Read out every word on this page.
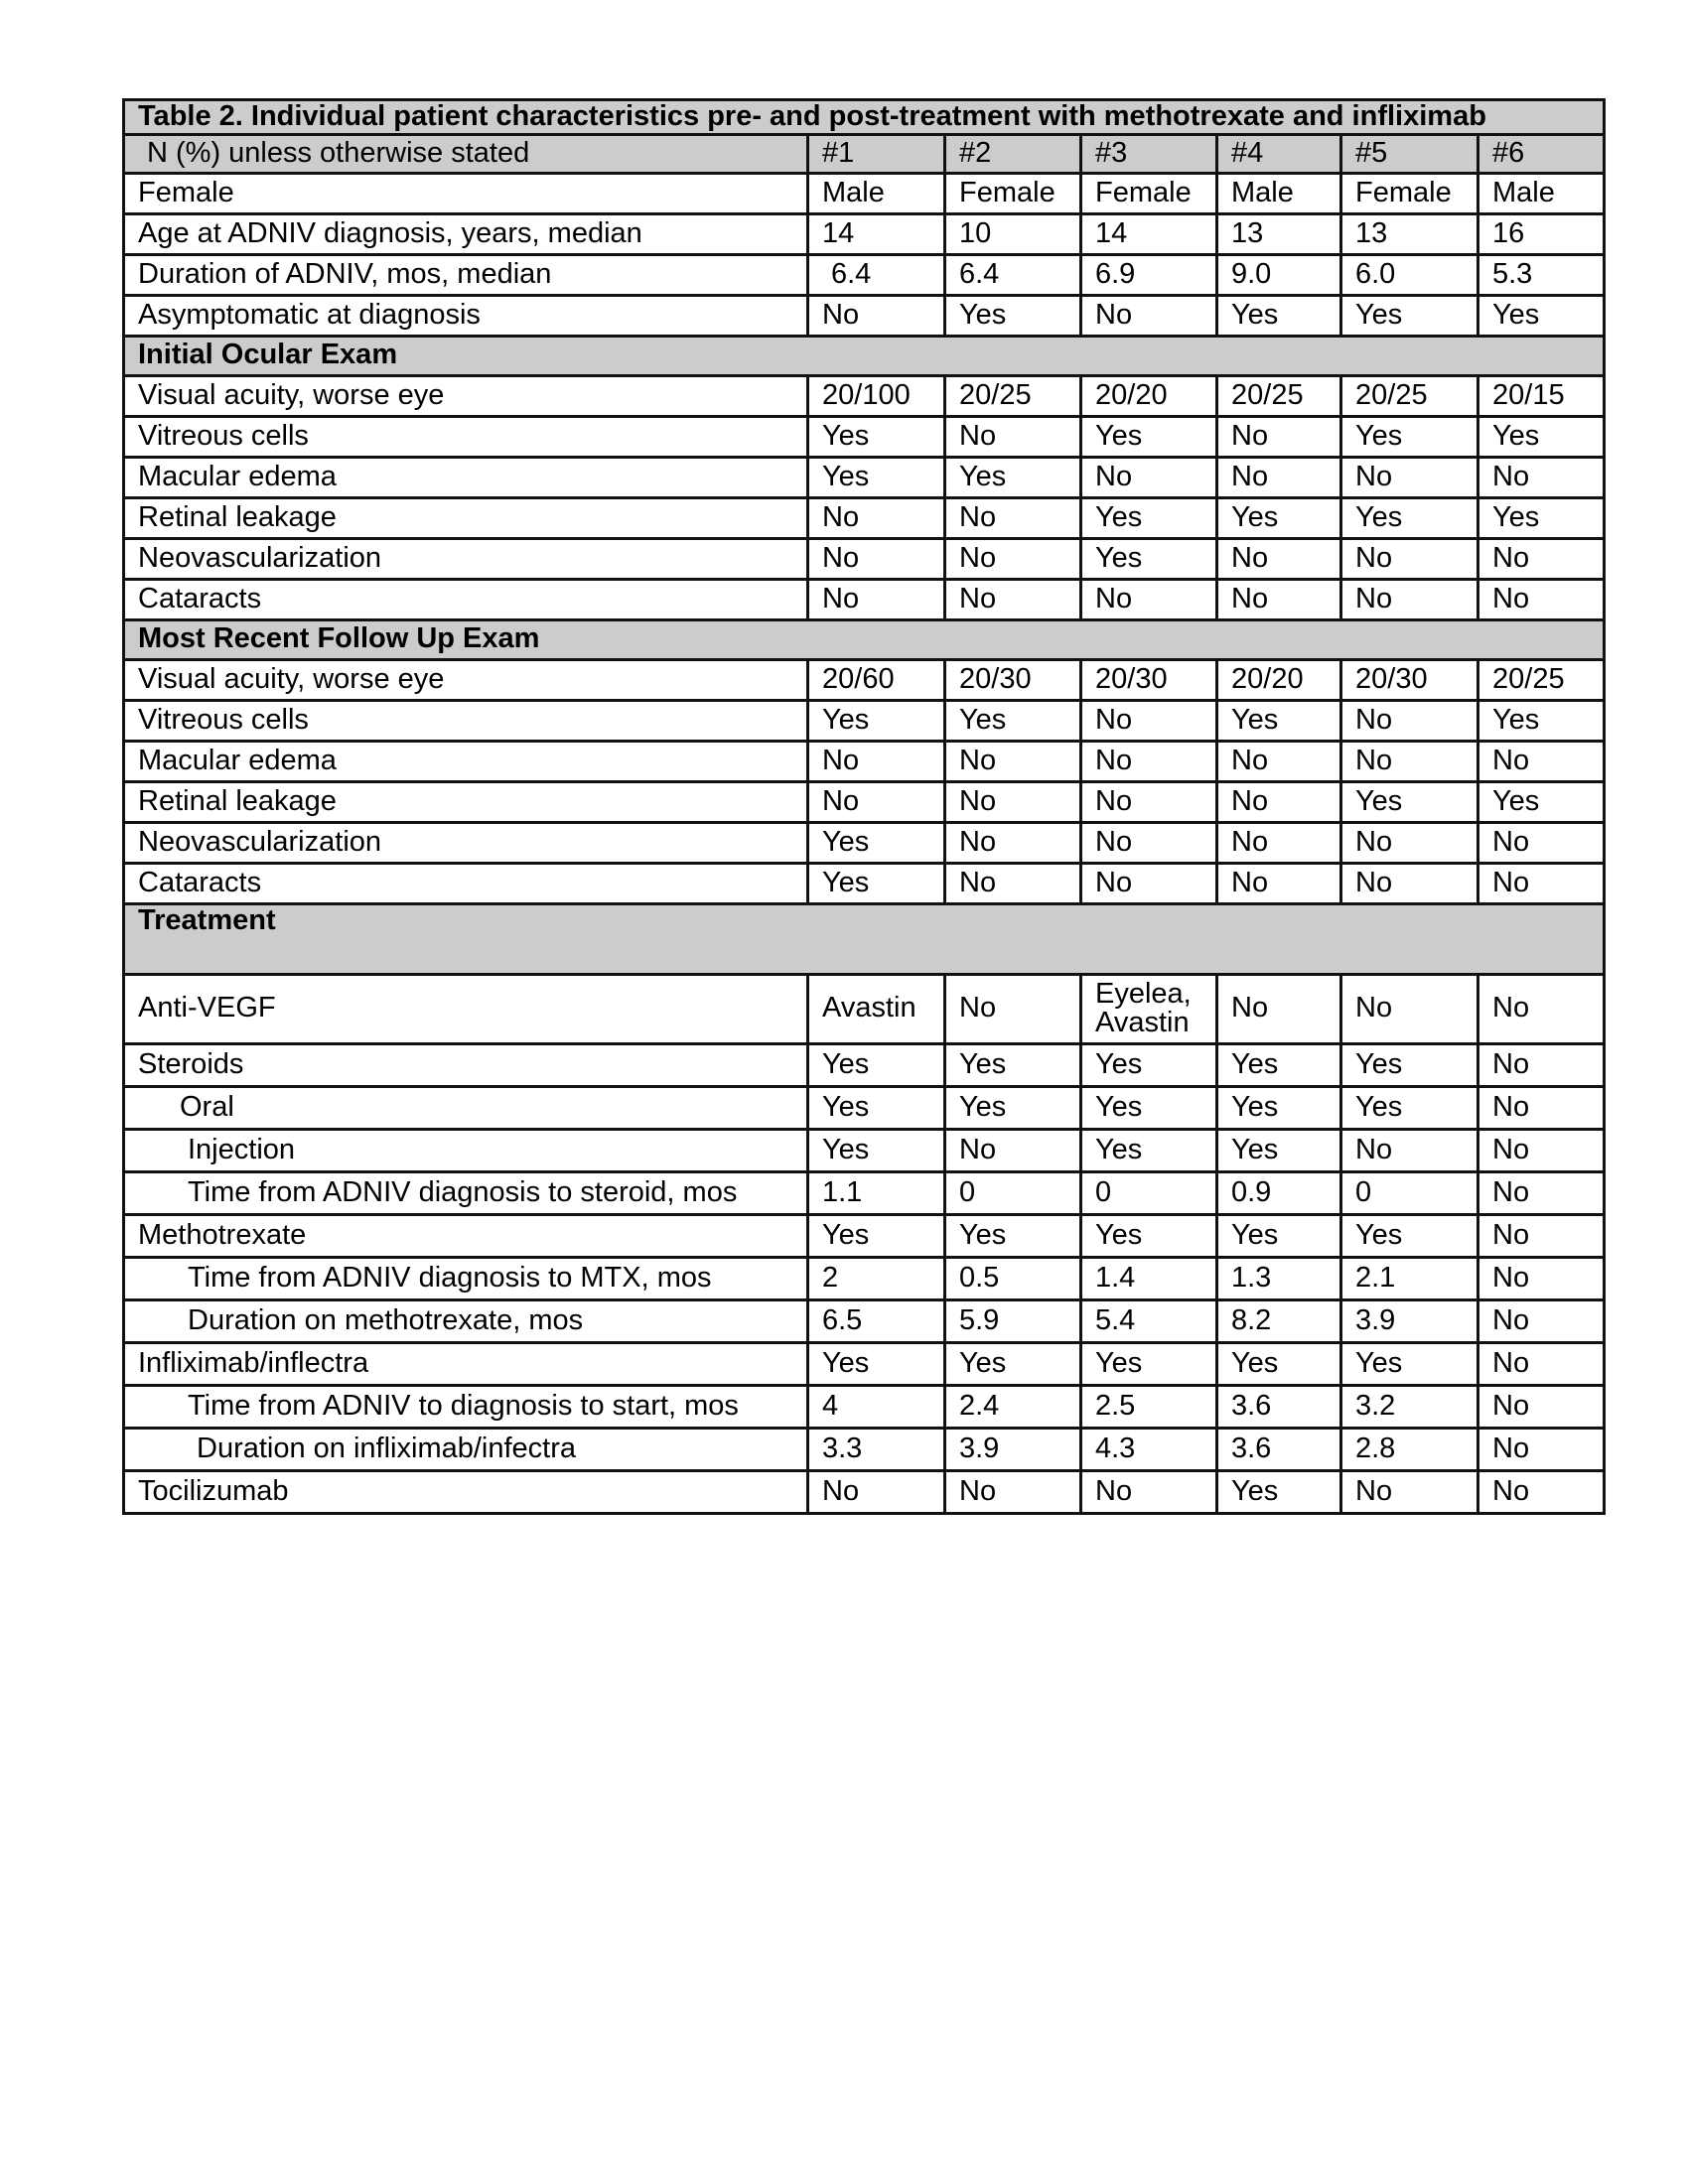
Table 2. Individual patient characteristics pre- and post-treatment with methotrexate and infliximab						
N (%) unless otherwise stated	#1	#2	#3	#4	#5	#6
Female	Male	Female	Female	Male	Female	Male
Age at ADNIV diagnosis, years, median	14	10	14	13	13	16
Duration of ADNIV, mos, median	6.4	6.4	6.9	9.0	6.0	5.3
Asymptomatic at diagnosis	No	Yes	No	Yes	Yes	Yes
Initial Ocular Exam						
Visual acuity, worse eye	20/100	20/25	20/20	20/25	20/25	20/15
Vitreous cells	Yes	No	Yes	No	Yes	Yes
Macular edema	Yes	Yes	No	No	No	No
Retinal leakage	No	No	Yes	Yes	Yes	Yes
Neovascularization	No	No	Yes	No	No	No
Cataracts	No	No	No	No	No	No
Most Recent Follow Up Exam						
Visual acuity, worse eye	20/60	20/30	20/30	20/20	20/30	20/25
Vitreous cells	Yes	Yes	No	Yes	No	Yes
Macular edema	No	No	No	No	No	No
Retinal leakage	No	No	No	No	Yes	Yes
Neovascularization	Yes	No	No	No	No	No
Cataracts	Yes	No	No	No	No	No
Treatment						
Anti-VEGF	Avastin	No	Eyelea, Avastin	No	No	No
Steroids	Yes	Yes	Yes	Yes	Yes	No
Oral	Yes	Yes	Yes	Yes	Yes	No
Injection	Yes	No	Yes	Yes	No	No
Time from ADNIV diagnosis to steroid, mos	1.1	0	0	0.9	0	No
Methotrexate	Yes	Yes	Yes	Yes	Yes	No
Time from ADNIV diagnosis to MTX, mos	2	0.5	1.4	1.3	2.1	No
Duration on methotrexate, mos	6.5	5.9	5.4	8.2	3.9	No
Infliximab/inflectra	Yes	Yes	Yes	Yes	Yes	No
Time from ADNIV to diagnosis to start, mos	4	2.4	2.5	3.6	3.2	No
Duration on infliximab/infectra	3.3	3.9	4.3	3.6	2.8	No
Tocilizumab	No	No	No	Yes	No	No
